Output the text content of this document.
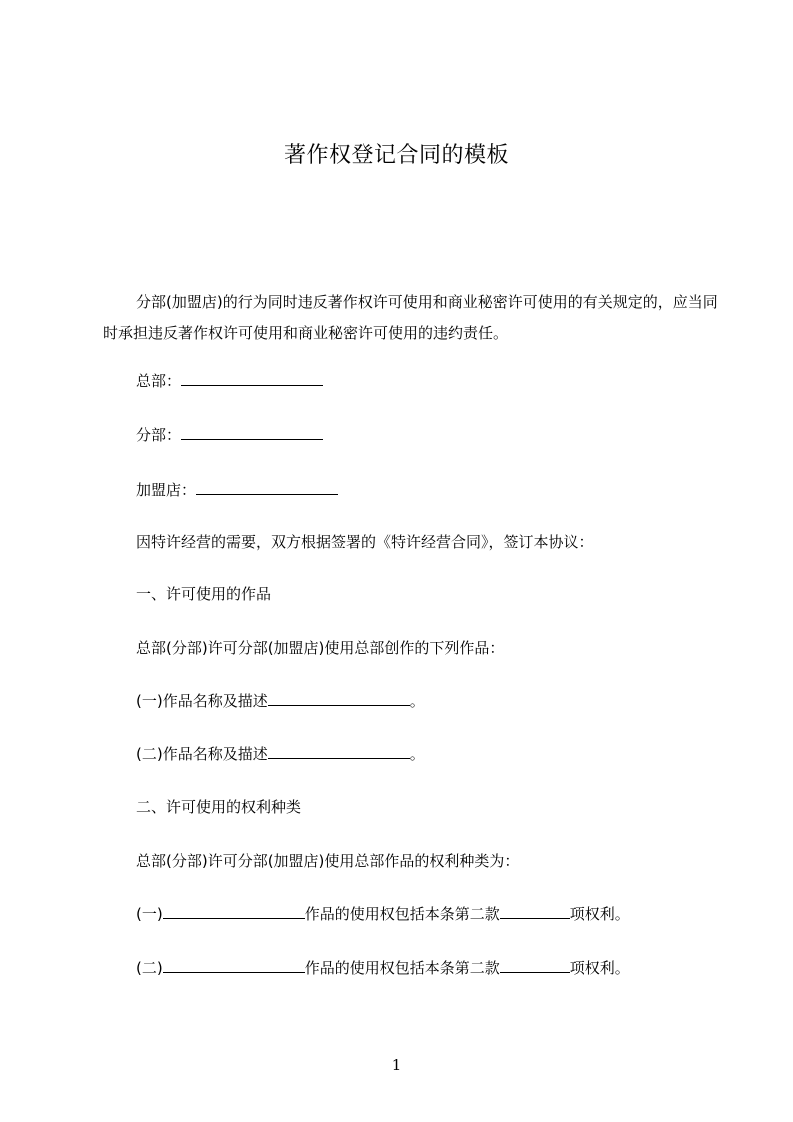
著作权登记合同的模板

分部(加盟店)的行为同时违反著作权许可使用和商业秘密许可使用的有关规定的，应当同时承担违反著作权许可使用和商业秘密许可使用的违约责任。

总部：
分部：
加盟店：
因特许经营的需要，双方根据签署的《特许经营合同》，签订本协议：
一、许可使用的作品
总部(分部)许可分部(加盟店)使用总部创作的下列作品：
(一)作品名称及描述	。
(二)作品名称及描述	。
二、许可使用的权利种类
总部(分部)许可分部(加盟店)使用总部作品的权利种类为：
(一)	作品的使用权包括本条第二款	项权利。
(二)	作品的使用权包括本条第二款	项权利。
1
